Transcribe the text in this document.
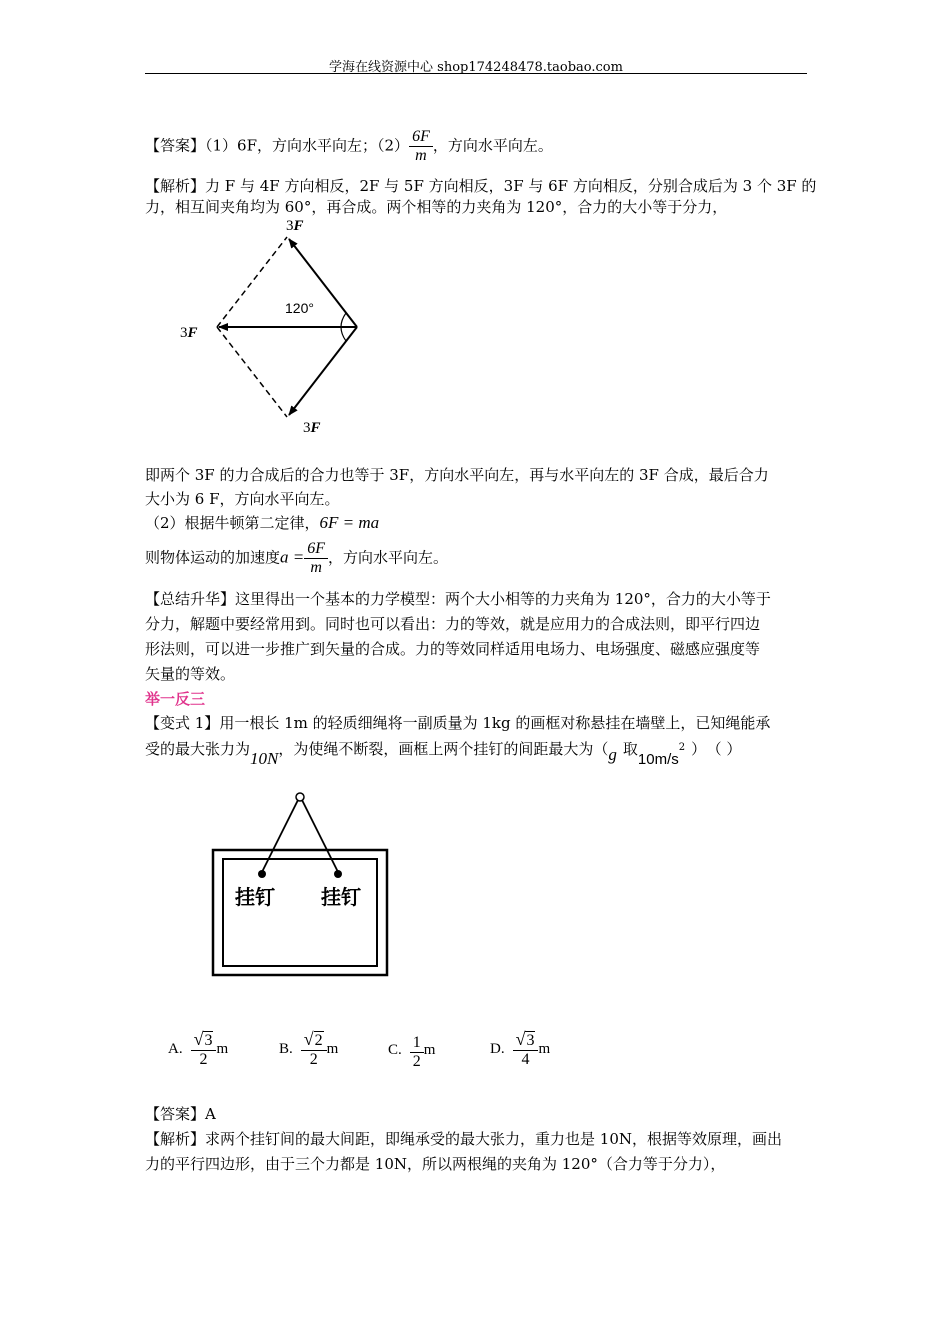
学海在线资源中心 shop174248478.taobao.com
【答案】（1）6F，方向水平向左；$(2) \frac{6F}{m}$ ，方向水平向左。
【解析】力 F 与 4F 方向相反，2F 与 5F 方向相反，3F 与 6F 方向相反，分别合成后为 3 个 3F 的
力，相互间夹角均为 60°，再合成。两个相等的力夹角为 120°，合力的大小等于分力，
120°
3F
3F
3F
即两个 3F 的力合成后的合力也等于 3F，方向水平向左，再与水平向左的 3F 合成，最后合力
大小为 6 F，方向水平向左。
（2）根据牛顿第二定律，6F = ma
则物体运动的加速度$a = \frac{6F}{m}$ ，方向水平向左。
【总结升华】这里得出一个基本的力学模型：两个大小相等的力夹角为 120°，合力的大小等于
分力，解题中要经常用到。同时也可以看出：力的等效，就是应用力的合成法则，即平行四边
形法则，可以进一步推广到矢量的合成。力的等效同样适用电场力、电场强度、磁感应强度等
矢量的等效。
举一反三
【变式 1】用一根长 1m 的轻质细绳将一副质量为 1kg 的画框对称悬挂在墙壁上，已知绳能承
受的最大张力为10N，为使绳不断裂，画框上两个挂钉的间距最大为（g 取$10m/s^2$ ） （ ）
挂钉 挂钉
A. $\frac{√3}{2}$ m	B. $\frac{√2}{2}$ m	C. $\frac{1}{2}$ m	D. $\frac{√3}{4}$ m
【答案】A
【解析】求两个挂钉间的最大间距，即绳承受的最大张力，重力也是 10N，根据等效原理，画出
力的平行四边形，由于三个力都是 10N，所以两根绳的夹角为 120°（合力等于分力），
